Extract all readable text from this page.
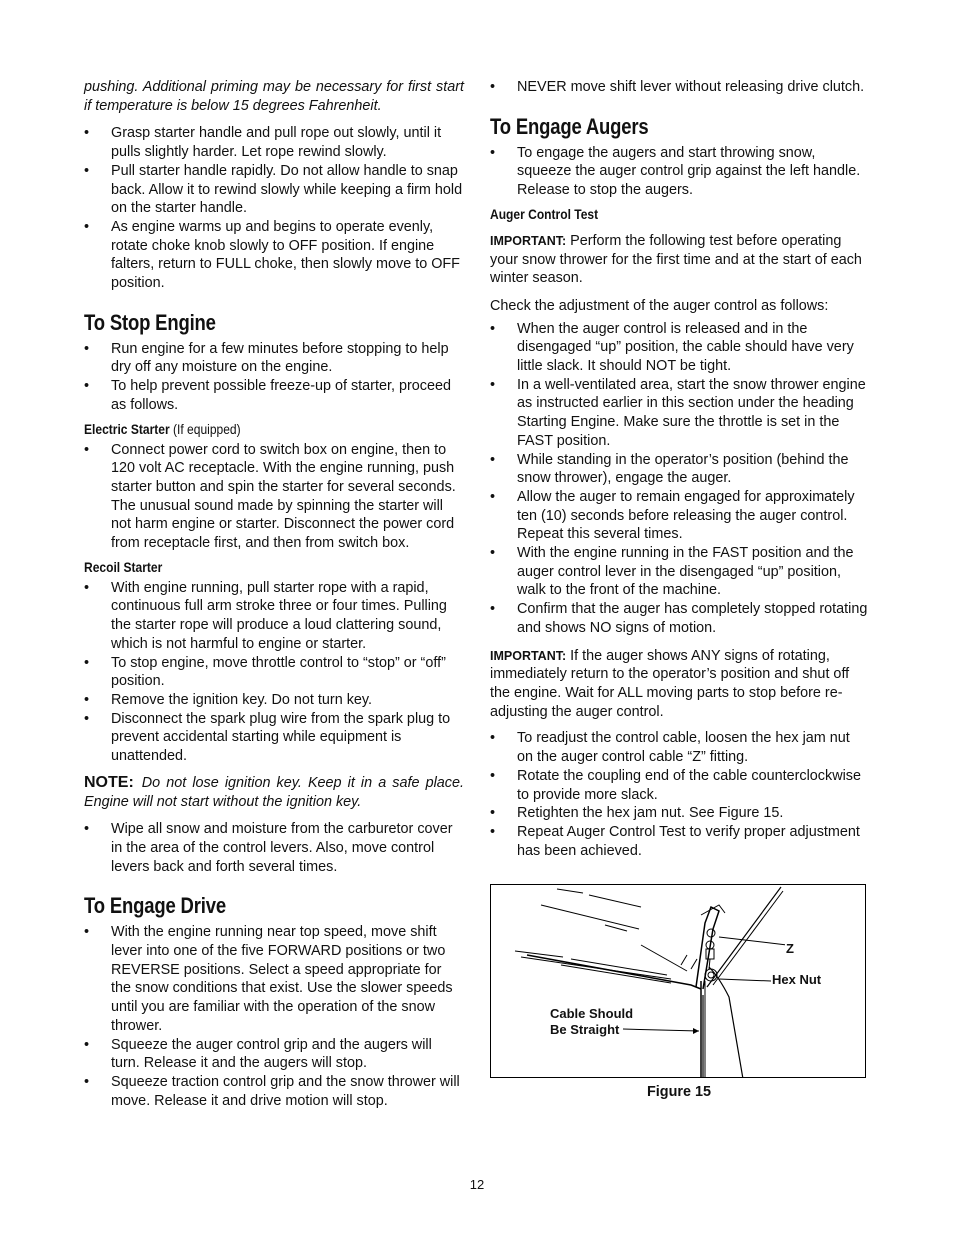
pushing. Additional priming may be necessary for first start if temperature is below 15 degrees Fahrenheit.

• Grasp starter handle and pull rope out slowly, until it pulls slightly harder. Let rope rewind slowly.
• Pull starter handle rapidly. Do not allow handle to snap back. Allow it to rewind slowly while keeping a firm hold on the starter handle.
• As engine warms up and begins to operate evenly, rotate choke knob slowly to OFF position. If engine falters, return to FULL choke, then slowly move to OFF position.
To Stop Engine
• Run engine for a few minutes before stopping to help dry off any moisture on the engine.
• To help prevent possible freeze-up of starter, proceed as follows.
Electric Starter (If equipped)
• Connect power cord to switch box on engine, then to 120 volt AC receptacle. With the engine running, push starter button and spin the starter for several seconds. The unusual sound made by spinning the starter will not harm engine or starter. Disconnect the power cord from receptacle first, and then from switch box.
Recoil Starter
• With engine running, pull starter rope with a rapid, continuous full arm stroke three or four times. Pulling the starter rope will produce a loud clattering sound, which is not harmful to engine or starter.
• To stop engine, move throttle control to “stop” or “off” position.
• Remove the ignition key. Do not turn key.
• Disconnect the spark plug wire from the spark plug to prevent accidental starting while equipment is unattended.

NOTE: Do not lose ignition key. Keep it in a safe place. Engine will not start without the ignition key.

• Wipe all snow and moisture from the carburetor cover in the area of the control levers. Also, move control levers back and forth several times.
To Engage Drive
• With the engine running near top speed, move shift lever into one of the five FORWARD positions or two REVERSE positions. Select a speed appropriate for the snow conditions that exist. Use the slower speeds until you are familiar with the operation of the snow thrower.
• Squeeze the auger control grip and the augers will turn. Release it and the augers will stop.
• Squeeze traction control grip and the snow thrower will move. Release it and drive motion will stop.
• NEVER move shift lever without releasing drive clutch.
To Engage Augers
• To engage the augers and start throwing snow, squeeze the auger control grip against the left handle. Release to stop the augers.
Auger Control Test

IMPORTANT: Perform the following test before operating your snow thrower for the first time and at the start of each winter season.

Check the adjustment of the auger control as follows:

• When the auger control is released and in the disengaged “up” position, the cable should have very little slack. It should NOT be tight.
• In a well-ventilated area, start the snow thrower engine as instructed earlier in this section under the heading Starting Engine. Make sure the throttle is set in the FAST position.
• While standing in the operator’s position (behind the snow thrower), engage the auger.
• Allow the auger to remain engaged for approximately ten (10) seconds before releasing the auger control. Repeat this several times.
• With the engine running in the FAST position and the auger control lever in the disengaged “up” position, walk to the front of the machine.
• Confirm that the auger has completely stopped rotating and shows NO signs of motion.

IMPORTANT: If the auger shows ANY signs of rotating, immediately return to the operator’s position and shut off the engine. Wait for ALL moving parts to stop before re-adjusting the auger control.

• To readjust the control cable, loosen the hex jam nut on the auger control cable “Z” fitting.
• Rotate the coupling end of the cable counterclockwise to provide more slack.
• Retighten the hex jam nut. See Figure 15.
• Repeat Auger Control Test to verify proper adjustment has been achieved.
Z
Hex Nut
Cable Should
Be Straight
Figure 15
12
